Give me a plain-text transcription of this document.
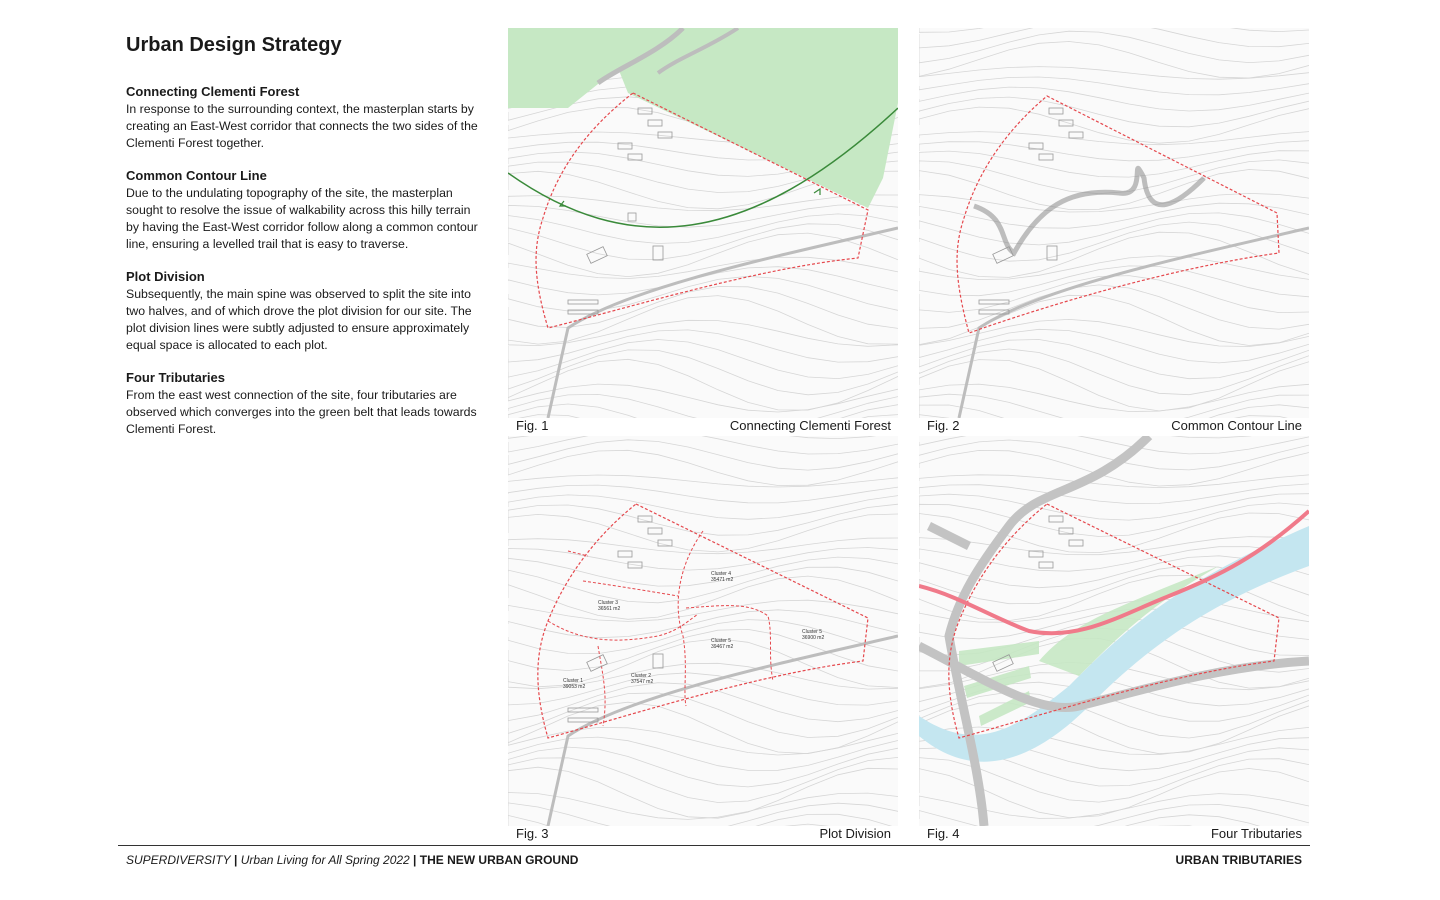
Urban Design Strategy
Connecting Clementi Forest

In response to the surrounding context, the masterplan starts by creating an East-West corridor that connects the two sides of the Clementi Forest together.

Common Contour Line

Due to the undulating topography of the site, the masterplan sought to resolve the issue of walkability across this hilly terrain by having the East-West corridor follow along a common contour line, ensuring a levelled trail that is easy to traverse.

Plot Division

Subsequently, the main spine was observed to split the site into two halves, and of which drove the plot division for our site. The plot division lines were subtly adjusted to ensure approximately equal space is allocated to each plot.

Four Tributaries

From the east west connection of the site, four tributaries are observed which converges into the green belt that leads towards Clementi Forest.	Fig. 1	Connecting Clementi Forest	Fig. 2	Common Contour Line
Cluster 1
39053 m2
Cluster 2
37547 m2
Cluster 3
36561 m2
Cluster 4
35471 m2
Cluster 5
39467 m2
Cluster 5
36900 m2
Fig. 3	Plot Division	Fig. 4	Four Tributaries
SUPERDIVERSITY | Urban Living for All Spring 2022 | THE NEW URBAN GROUND	URBAN TRIBUTARIES
